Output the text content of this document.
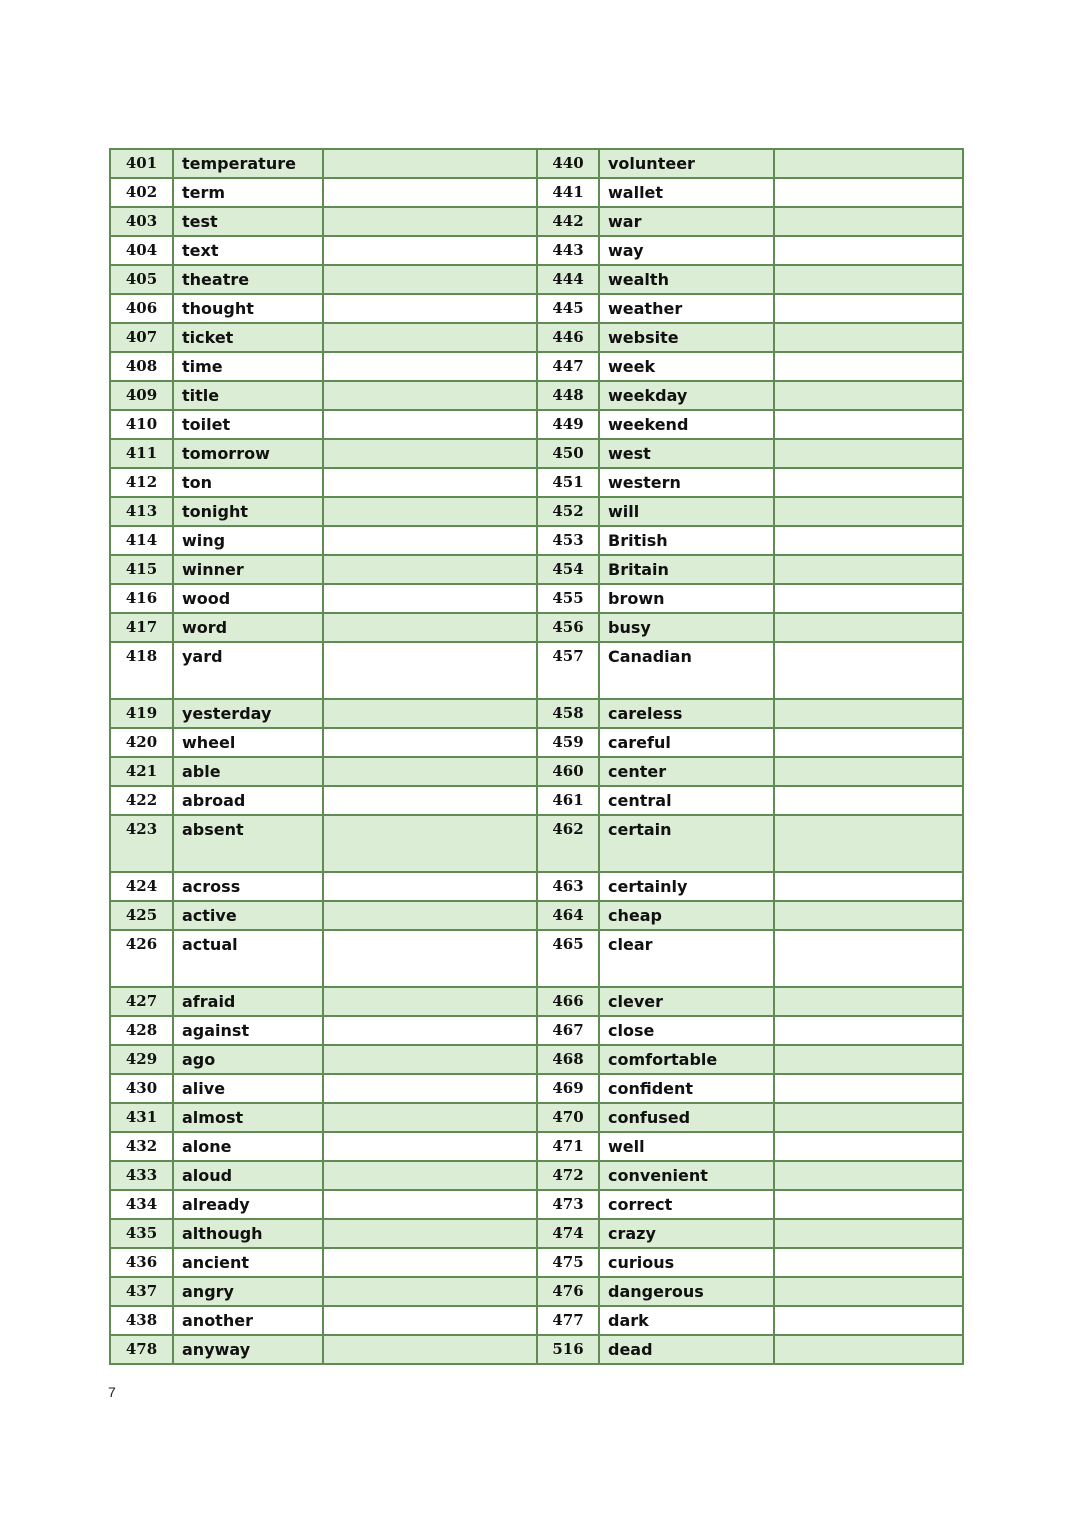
401	temperature		440	volunteer	
402	term		441	wallet	
403	test		442	war	
404	text		443	way	
405	theatre		444	wealth	
406	thought		445	weather	
407	ticket		446	website	
408	time		447	week	
409	title		448	weekday	
410	toilet		449	weekend	
411	tomorrow		450	west	
412	ton		451	western	
413	tonight		452	will	
414	wing		453	British	
415	winner		454	Britain	
416	wood		455	brown	
417	word		456	busy	
418	yard		457	Canadian	
419	yesterday		458	careless	
420	wheel		459	careful	
421	able		460	center	
422	abroad		461	central	
423	absent		462	certain	
424	across		463	certainly	
425	active		464	cheap	
426	actual		465	clear	
427	afraid		466	clever	
428	against		467	close	
429	ago		468	comfortable	
430	alive		469	confident	
431	almost		470	confused	
432	alone		471	well	
433	aloud		472	convenient	
434	already		473	correct	
435	although		474	crazy	
436	ancient		475	curious	
437	angry		476	dangerous	
438	another		477	dark	
478	anyway		516	dead	
7
